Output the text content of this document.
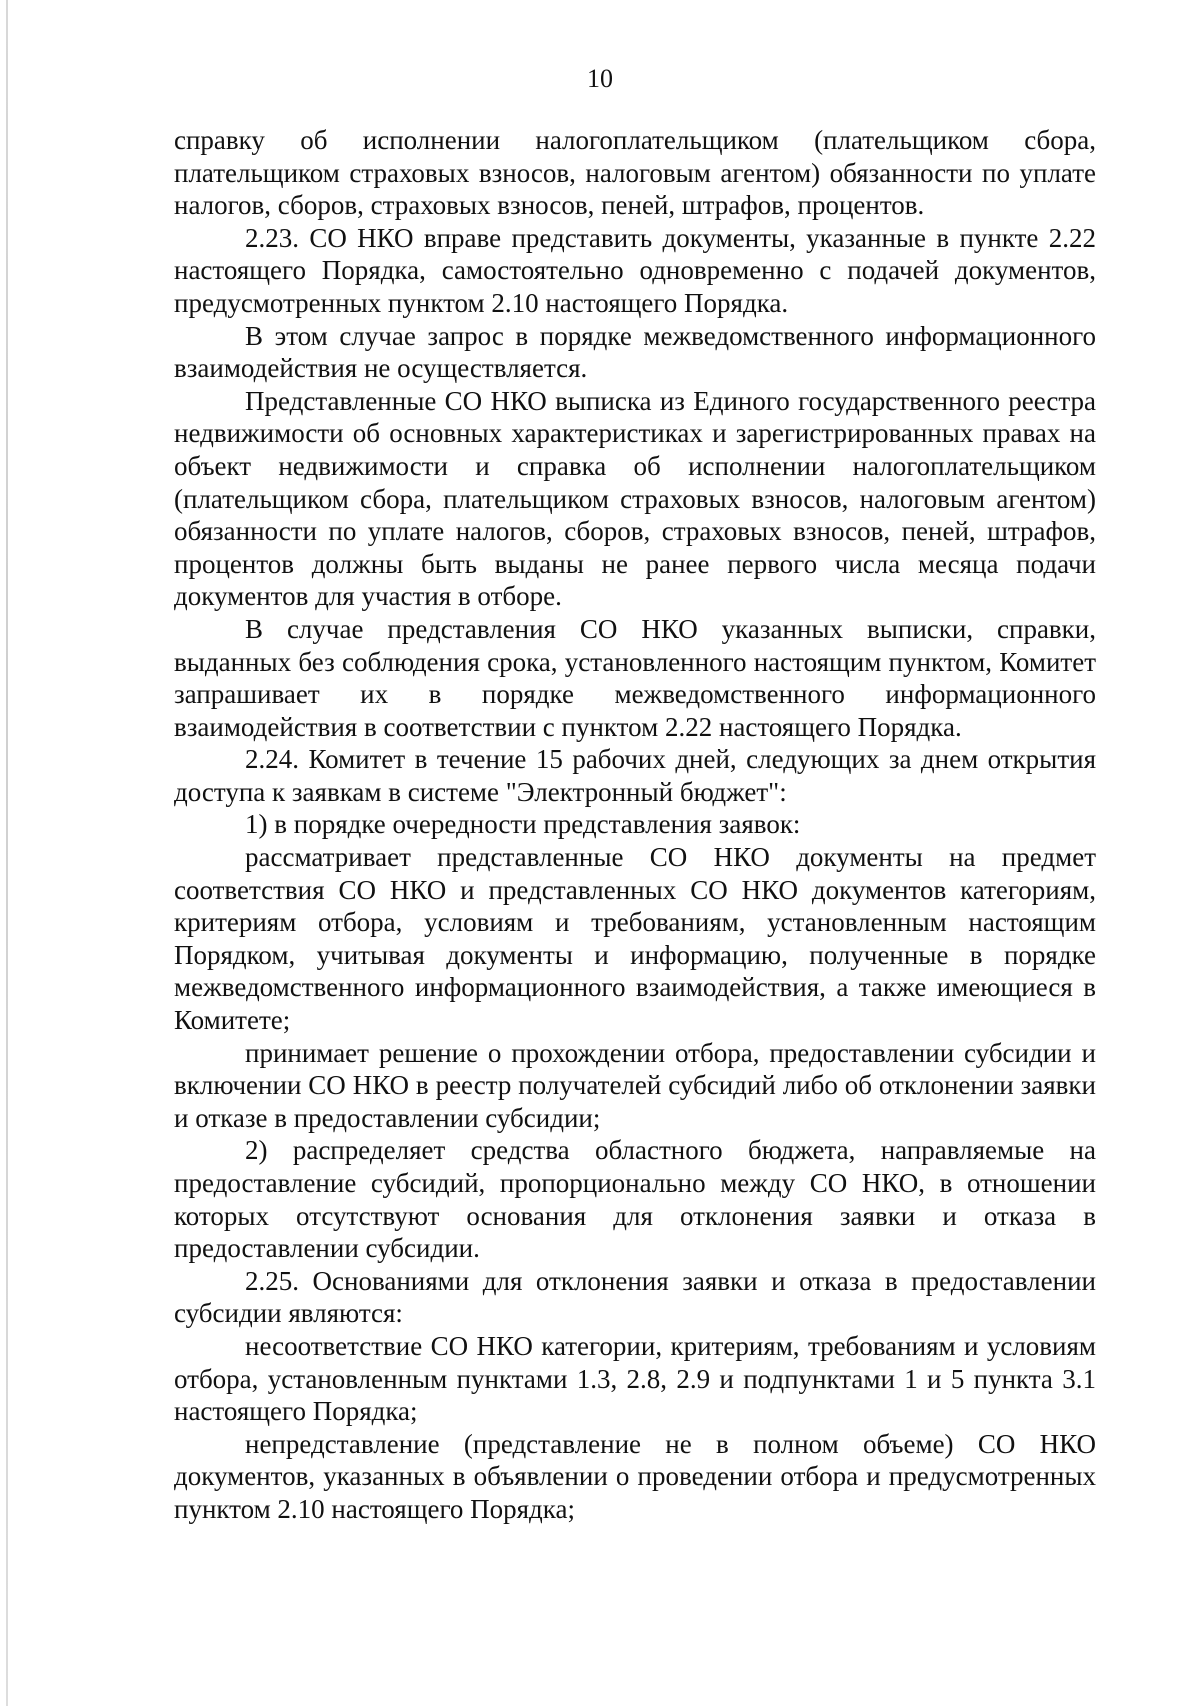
10

справку об исполнении налогоплательщиком (плательщиком сбора, плательщиком страховых взносов, налоговым агентом) обязанности по уплате налогов, сборов, страховых взносов, пеней, штрафов, процентов.

2.23. СО НКО вправе представить документы, указанные в пункте 2.22 настоящего Порядка, самостоятельно одновременно с подачей документов, предусмотренных пунктом 2.10 настоящего Порядка.

В этом случае запрос в порядке межведомственного информационного взаимодействия не осуществляется.

Представленные СО НКО выписка из Единого государственного реестра недвижимости об основных характеристиках и зарегистрированных правах на объект недвижимости и справка об исполнении налогоплательщиком (плательщиком сбора, плательщиком страховых взносов, налоговым агентом) обязанности по уплате налогов, сборов, страховых взносов, пеней, штрафов, процентов должны быть выданы не ранее первого числа месяца подачи документов для участия в отборе.

В случае представления СО НКО указанных выписки, справки, выданных без соблюдения срока, установленного настоящим пунктом, Комитет запрашивает их в порядке межведомственного информационного взаимодействия в соответствии с пунктом 2.22 настоящего Порядка.

2.24. Комитет в течение 15 рабочих дней, следующих за днем открытия доступа к заявкам в системе "Электронный бюджет":

1) в порядке очередности представления заявок:

рассматривает представленные СО НКО документы на предмет соответствия СО НКО и представленных СО НКО документов категориям, критериям отбора, условиям и требованиям, установленным настоящим Порядком, учитывая документы и информацию, полученные в порядке межведомственного информационного взаимодействия, а также имеющиеся в Комитете;

принимает решение о прохождении отбора, предоставлении субсидии и включении СО НКО в реестр получателей субсидий либо об отклонении заявки и отказе в предоставлении субсидии;

2) распределяет средства областного бюджета, направляемые на предоставление субсидий, пропорционально между СО НКО, в отношении которых отсутствуют основания для отклонения заявки и отказа в предоставлении субсидии.

2.25. Основаниями для отклонения заявки и отказа в предоставлении субсидии являются:

несоответствие СО НКО категории, критериям, требованиям и условиям отбора, установленным пунктами 1.3, 2.8, 2.9 и подпунктами 1 и 5 пункта 3.1 настоящего Порядка;

непредставление (представление не в полном объеме) СО НКО документов, указанных в объявлении о проведении отбора и предусмотренных пунктом 2.10 настоящего Порядка;
